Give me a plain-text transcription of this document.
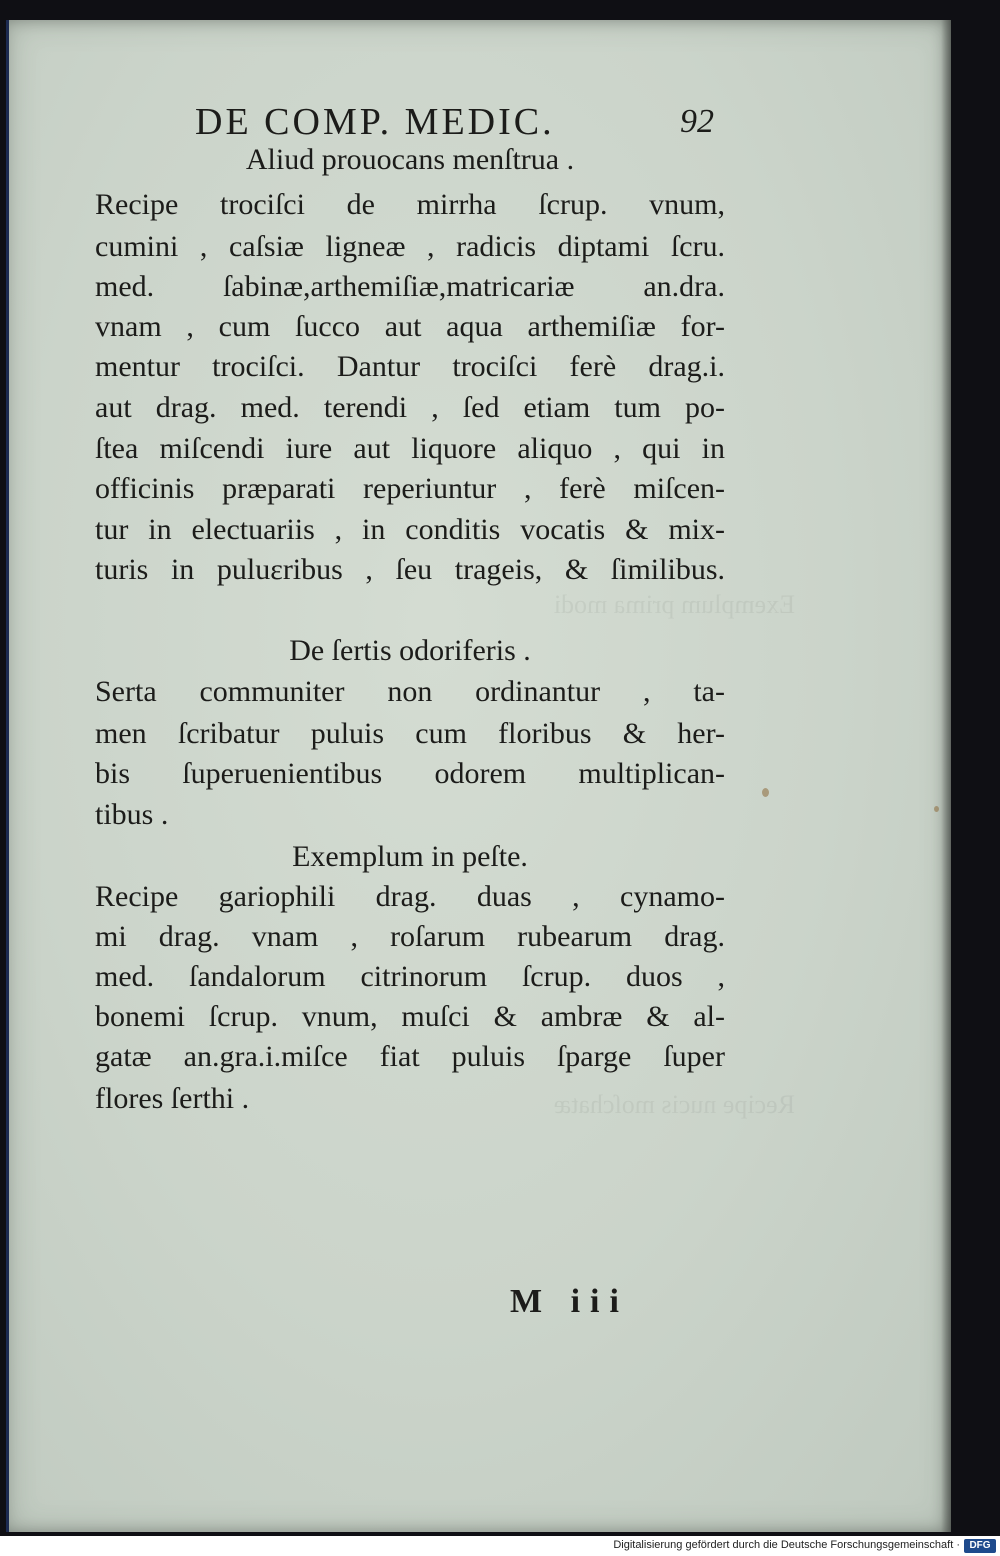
Exemplum prima modi
Recipe nucis moſchatæ
DE COMP. MEDIC.	92
Aliud prouocans menſtrua .
Recipe trociſci de mirrha ſcrup. vnum,
cumini , caſsiæ ligneæ , radicis diptami ſcru.
med. ſabinæ,arthemiſiæ,matricariæ an.dra.
vnam , cum ſucco aut aqua arthemiſiæ for-
mentur trociſci. Dantur trociſci ferè drag.i.
aut drag. med. terendi , ſed etiam tum po-
ſtea miſcendi iure aut liquore aliquo , qui in
officinis præparati reperiuntur , ferè miſcen-
tur in electuariis , in conditis vocatis & mix-
turis in puluεribus , ſeu trageis, & ſimilibus.
De ſertis odoriferis .
Serta communiter non ordinantur , ta-
men ſcribatur puluis cum floribus & her-
bis ſuperuenientibus odorem multiplican-
tibus .
Exemplum in peſte.
Recipe gariophili drag. duas , cynamo-
mi drag. vnam , roſarum rubearum drag.
med. ſandalorum citrinorum ſcrup. duos ,
bonemi ſcrup. vnum, muſci & ambræ & al-
gatæ an.gra.i.miſce fiat puluis ſparge ſuper
flores ſerthi .
M iii
Digitalisierung gefördert durch die Deutsche Forschungsgemeinschaft · DFG
